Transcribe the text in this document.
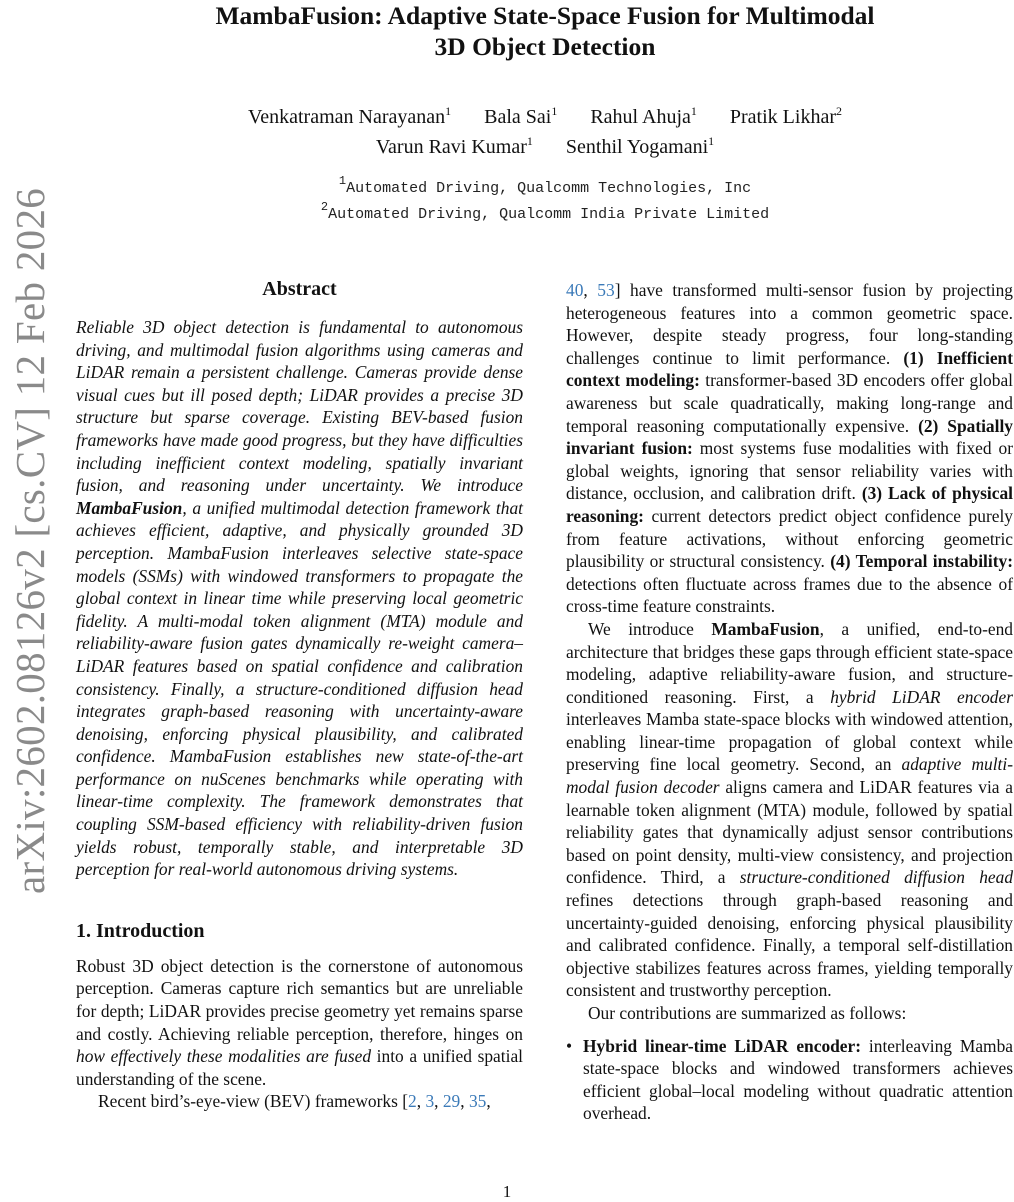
arXiv:2602.08126v2 [cs.CV] 12 Feb 2026
MambaFusion: Adaptive State-Space Fusion for Multimodal
3D Object Detection
Venkatraman Narayanan$^1$ Bala Sai$^1$ Rahul Ahuja$^1$ Pratik Likhar$^2$
Varun Ravi Kumar$^1$ Senthil Yogamani$^1$
$^1$Automated Driving, Qualcomm Technologies, Inc
$^2$Automated Driving, Qualcomm India Private Limited
Abstract

Reliable 3D object detection is fundamental to autonomous driving, and multimodal fusion algorithms using cameras and LiDAR remain a persistent challenge. Cameras provide dense visual cues but ill posed depth; LiDAR provides a precise 3D structure but sparse coverage. Existing BEV-based fusion frameworks have made good progress, but they have difficulties including inefficient context modeling, spatially invariant fusion, and reasoning under uncertainty. We introduce MambaFusion, a unified multimodal detection framework that achieves efficient, adaptive, and physically grounded 3D perception. MambaFusion interleaves selective state-space models (SSMs) with windowed transformers to propagate the global context in linear time while preserving local geometric fidelity. A multi-modal token alignment (MTA) module and reliability-aware fusion gates dynamically re-weight camera–LiDAR features based on spatial confidence and calibration consistency. Finally, a structure-conditioned diffusion head integrates graph-based reasoning with uncertainty-aware denoising, enforcing physical plausibility, and calibrated confidence. MambaFusion establishes new state-of-the-art performance on nuScenes benchmarks while operating with linear-time complexity. The framework demonstrates that coupling SSM-based efficiency with reliability-driven fusion yields robust, temporally stable, and interpretable 3D perception for real-world autonomous driving systems.

1. Introduction

Robust 3D object detection is the cornerstone of autonomous perception. Cameras capture rich semantics but are unreliable for depth; LiDAR provides precise geometry yet remains sparse and costly. Achieving reliable perception, therefore, hinges on how effectively these modalities are fused into a unified spatial understanding of the scene.

Recent bird’s-eye-view (BEV) frameworks [2, 3, 29, 35,

40, 53] have transformed multi-sensor fusion by projecting heterogeneous features into a common geometric space. However, despite steady progress, four long-standing challenges continue to limit performance. (1) Inefficient context modeling: transformer-based 3D encoders offer global awareness but scale quadratically, making long-range and temporal reasoning computationally expensive. (2) Spatially invariant fusion: most systems fuse modalities with fixed or global weights, ignoring that sensor reliability varies with distance, occlusion, and calibration drift. (3) Lack of physical reasoning: current detectors predict object confidence purely from feature activations, without enforcing geometric plausibility or structural consistency. (4) Temporal instability: detections often fluctuate across frames due to the absence of cross-time feature constraints.

We introduce MambaFusion, a unified, end-to-end architecture that bridges these gaps through efficient state-space modeling, adaptive reliability-aware fusion, and structure-conditioned reasoning. First, a hybrid LiDAR encoder interleaves Mamba state-space blocks with windowed attention, enabling linear-time propagation of global context while preserving fine local geometry. Second, an adaptive multi-modal fusion decoder aligns camera and LiDAR features via a learnable token alignment (MTA) module, followed by spatial reliability gates that dynamically adjust sensor contributions based on point density, multi-view consistency, and projection confidence. Third, a structure-conditioned diffusion head refines detections through graph-based reasoning and uncertainty-guided denoising, enforcing physical plausibility and calibrated confidence. Finally, a temporal self-distillation objective stabilizes features across frames, yielding temporally consistent and trustworthy perception.

Our contributions are summarized as follows:

• Hybrid linear-time LiDAR encoder: interleaving Mamba state-space blocks and windowed transformers achieves efficient global–local modeling without quadratic attention overhead.
1
